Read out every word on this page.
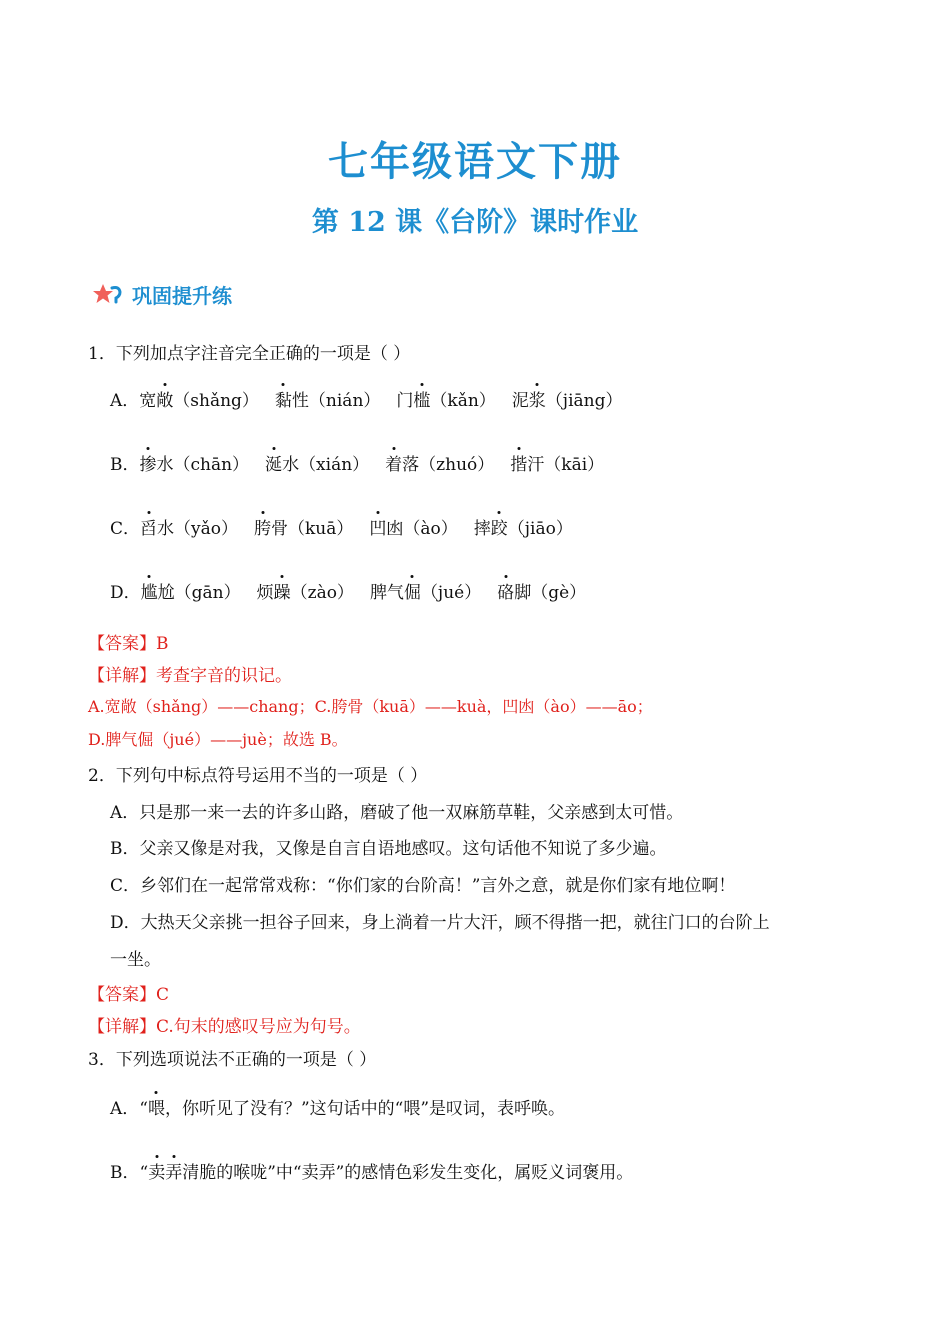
七年级语文下册
第 12 课《台阶》课时作业
巩固提升练
1．下列加点字注音完全正确的一项是（ ）
A．宽敞（shǎng） 黏性（nián） 门槛（kǎn） 泥浆（jiāng）
B．掺水（chān） 涎水（xián） 着落（zhuó） 揩汗（kāi）
C．舀水（yǎo） 胯骨（kuā） 凹凼（ào） 摔跤（jiāo）
D．尴尬（gān） 烦躁（zào） 脾气倔（jué） 硌脚（gè）
【答案】B
【详解】考查字音的识记。
A.宽敞（shǎng）——chang；C.胯骨（kuā）——kuà，凹凼（ào）——āo；
D.脾气倔（jué）——juè；故选 B。
2．下列句中标点符号运用不当的一项是（ ）
A．只是那一来一去的许多山路，磨破了他一双麻筋草鞋，父亲感到太可惜。
B．父亲又像是对我，又像是自言自语地感叹。这句话他不知说了多少遍。
C．乡邻们在一起常常戏称：“你们家的台阶高！”言外之意，就是你们家有地位啊！
D．大热天父亲挑一担谷子回来，身上淌着一片大汗，顾不得揩一把，就往门口的台阶上
一坐。
【答案】C
【详解】C.句末的感叹号应为句号。
3．下列选项说法不正确的一项是（ ）
A．“喂，你听见了没有？”这句话中的“喂”是叹词，表呼唤。
B．“卖弄清脆的喉咙”中“卖弄”的感情色彩发生变化，属贬义词褒用。
